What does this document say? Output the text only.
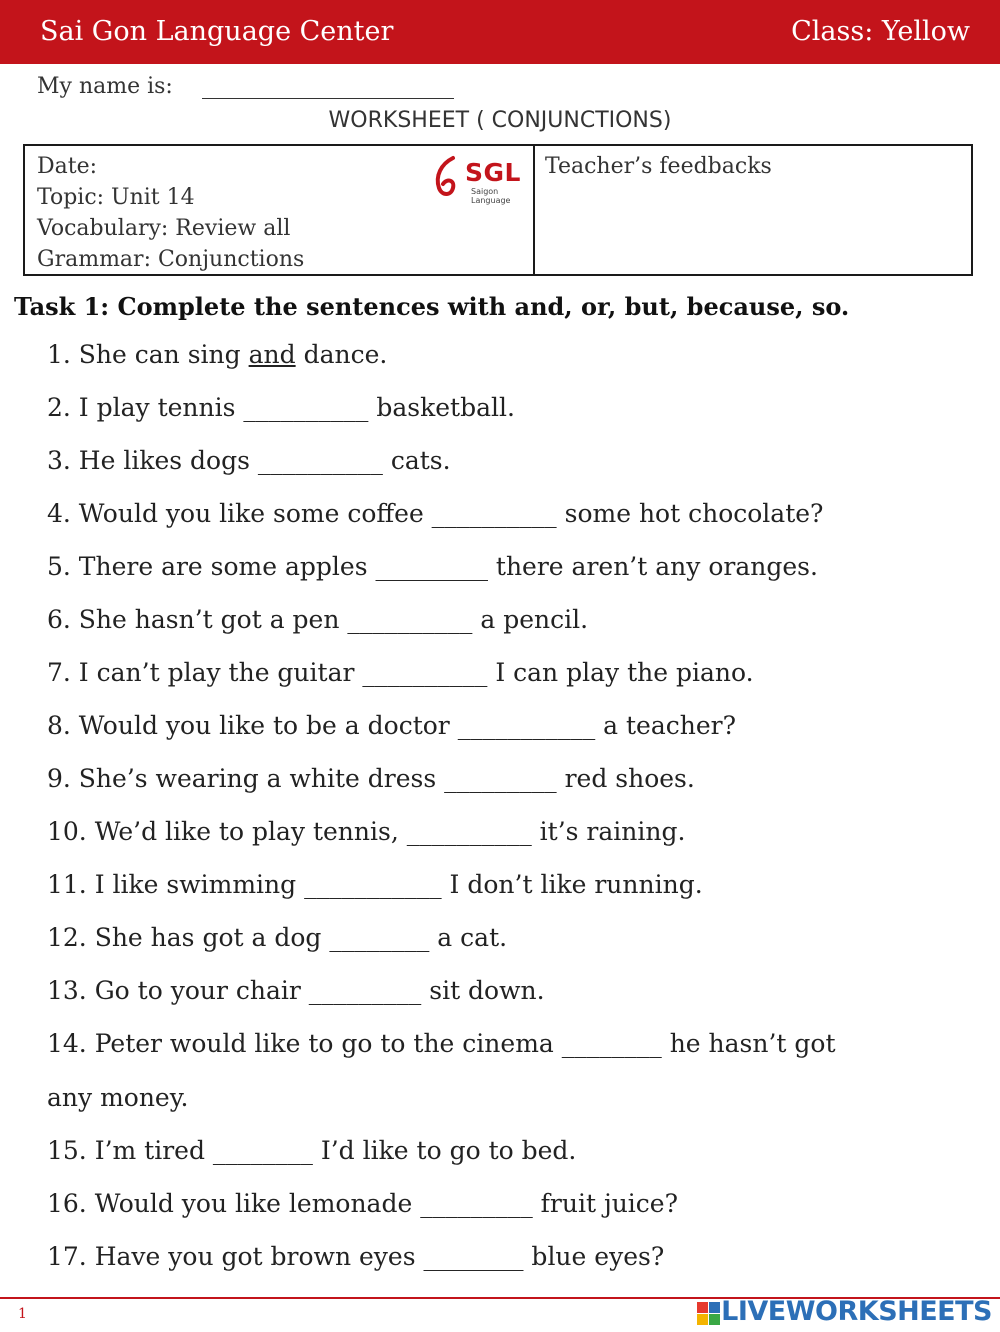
Sai Gon Language Center	Class: Yellow
My name is:
WORKSHEET ( CONJUNCTIONS)
Date:
Topic: Unit 14
Vocabulary: Review all
Grammar: Conjunctions
SGL
Saigon Language
Teacher’s feedbacks
Task 1: Complete the sentences with and, or, but, because, so.
1. She can sing and dance.
2. I play tennis __________ basketball.
3. He likes dogs __________ cats.
4. Would you like some coffee __________ some hot chocolate?
5. There are some apples _________ there aren’t any oranges.
6. She hasn’t got a pen __________ a pencil.
7. I can’t play the guitar __________ I can play the piano.
8. Would you like to be a doctor ___________ a teacher?
9. She’s wearing a white dress _________ red shoes.
10. We’d like to play tennis, __________ it’s raining.
11. I like swimming ___________ I don’t like running.
12. She has got a dog ________ a cat.
13. Go to your chair _________ sit down.
14. Peter would like to go to the cinema ________ he hasn’t got
any money.
15. I’m tired ________ I’d like to go to bed.
16. Would you like lemonade _________ fruit juice?
17. Have you got brown eyes ________ blue eyes?
1	LIVEWORKSHEETS
